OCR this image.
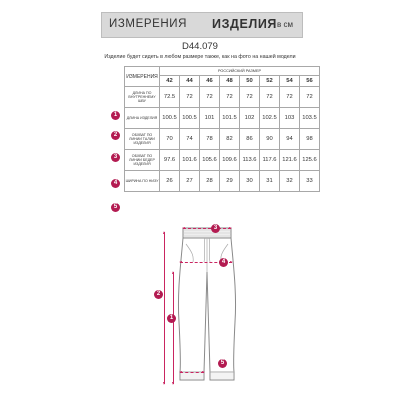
ИЗМЕРЕНИЯ ИЗДЕЛИЯ в см
D44.079
Изделие будет сидеть в любом размере также, как на фото на нашей модели
ИЗМЕРЕНИЯ	РОССИЙСКИЙ РАЗМЕР							
	42	44	46	48	50	52	54	56
ДЛИНА ПО ВНУТРЕННЕМУ ШВУ	72.5	72	72	72	72	72	72	72
ДЛИНА ИЗДЕЛИЯ	100.5	100.5	101	101.5	102	102.5	103	103.5
ОБХВАТ ПО ЛИНИИ ТАЛИИ ИЗДЕЛИЯ	70	74	78	82	86	90	94	98
ОБХВАТ ПО ЛИНИИ БЕДЕР ИЗДЕЛИЯ	97.6	101.6	105.6	109.6	113.6	117.6	121.6	125.6
ШИРИНА ПО НИЗУ	26	27	28	29	30	31	32	33
1
2
3
4
5
1
2
3
4
5
